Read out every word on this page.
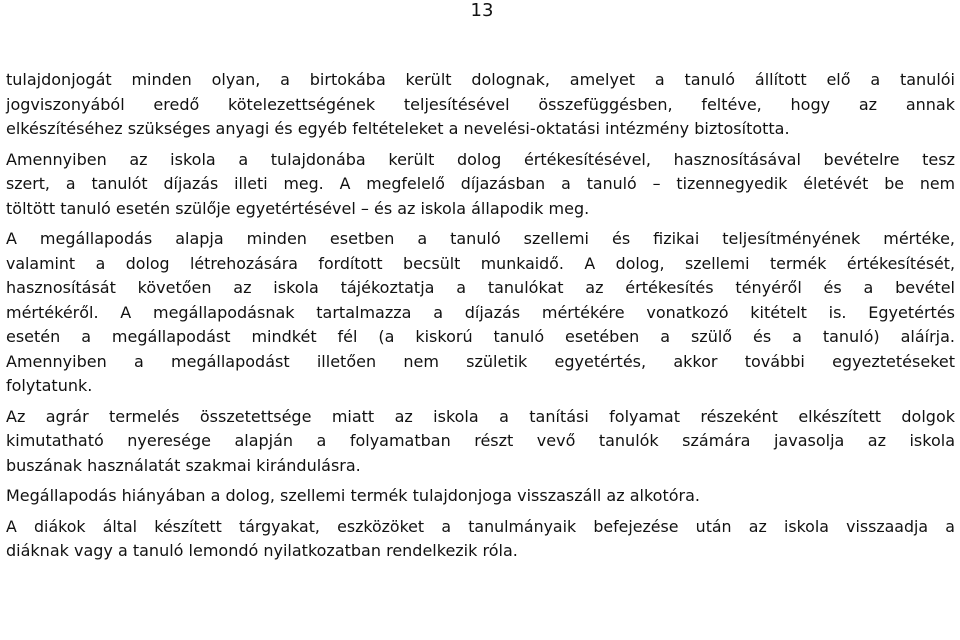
13
tulajdonjogát minden olyan, a birtokába került dolognak, amelyet a tanuló állított elő a tanulói
jogviszonyából eredő kötelezettségének teljesítésével összefüggésben, feltéve, hogy az annak
elkészítéséhez szükséges anyagi és egyéb feltételeket a nevelési-oktatási intézmény biztosította.
Amennyiben az iskola a tulajdonába került dolog értékesítésével, hasznosításával bevételre tesz
szert, a tanulót díjazás illeti meg. A megfelelő díjazásban a tanuló – tizennegyedik életévét be nem
töltött tanuló esetén szülője egyetértésével – és az iskola állapodik meg.
A megállapodás alapja minden esetben a tanuló szellemi és fizikai teljesítményének mértéke,
valamint a dolog létrehozására fordított becsült munkaidő. A dolog, szellemi termék értékesítését,
hasznosítását követően az iskola tájékoztatja a tanulókat az értékesítés tényéről és a bevétel
mértékéről. A megállapodásnak tartalmazza a díjazás mértékére vonatkozó kitételt is. Egyetértés
esetén a megállapodást mindkét fél (a kiskorú tanuló esetében a szülő és a tanuló) aláírja.
Amennyiben a megállapodást illetően nem születik egyetértés, akkor további egyeztetéseket
folytatunk.
Az agrár termelés összetettsége miatt az iskola a tanítási folyamat részeként elkészített dolgok
kimutatható nyeresége alapján a folyamatban részt vevő tanulók számára javasolja az iskola
buszának használatát szakmai kirándulásra.
Megállapodás hiányában a dolog, szellemi termék tulajdonjoga visszaszáll az alkotóra.
A diákok által készített tárgyakat, eszközöket a tanulmányaik befejezése után az iskola visszaadja a
diáknak vagy a tanuló lemondó nyilatkozatban rendelkezik róla.
